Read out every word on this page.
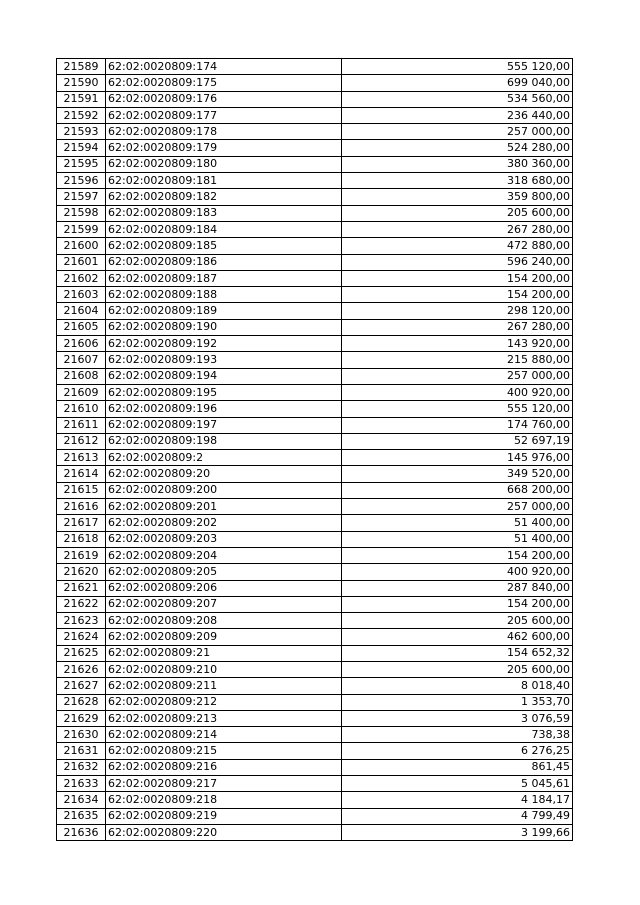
21589	62:02:0020809:174	555 120,00
21590	62:02:0020809:175	699 040,00
21591	62:02:0020809:176	534 560,00
21592	62:02:0020809:177	236 440,00
21593	62:02:0020809:178	257 000,00
21594	62:02:0020809:179	524 280,00
21595	62:02:0020809:180	380 360,00
21596	62:02:0020809:181	318 680,00
21597	62:02:0020809:182	359 800,00
21598	62:02:0020809:183	205 600,00
21599	62:02:0020809:184	267 280,00
21600	62:02:0020809:185	472 880,00
21601	62:02:0020809:186	596 240,00
21602	62:02:0020809:187	154 200,00
21603	62:02:0020809:188	154 200,00
21604	62:02:0020809:189	298 120,00
21605	62:02:0020809:190	267 280,00
21606	62:02:0020809:192	143 920,00
21607	62:02:0020809:193	215 880,00
21608	62:02:0020809:194	257 000,00
21609	62:02:0020809:195	400 920,00
21610	62:02:0020809:196	555 120,00
21611	62:02:0020809:197	174 760,00
21612	62:02:0020809:198	52 697,19
21613	62:02:0020809:2	145 976,00
21614	62:02:0020809:20	349 520,00
21615	62:02:0020809:200	668 200,00
21616	62:02:0020809:201	257 000,00
21617	62:02:0020809:202	51 400,00
21618	62:02:0020809:203	51 400,00
21619	62:02:0020809:204	154 200,00
21620	62:02:0020809:205	400 920,00
21621	62:02:0020809:206	287 840,00
21622	62:02:0020809:207	154 200,00
21623	62:02:0020809:208	205 600,00
21624	62:02:0020809:209	462 600,00
21625	62:02:0020809:21	154 652,32
21626	62:02:0020809:210	205 600,00
21627	62:02:0020809:211	8 018,40
21628	62:02:0020809:212	1 353,70
21629	62:02:0020809:213	3 076,59
21630	62:02:0020809:214	738,38
21631	62:02:0020809:215	6 276,25
21632	62:02:0020809:216	861,45
21633	62:02:0020809:217	5 045,61
21634	62:02:0020809:218	4 184,17
21635	62:02:0020809:219	4 799,49
21636	62:02:0020809:220	3 199,66
